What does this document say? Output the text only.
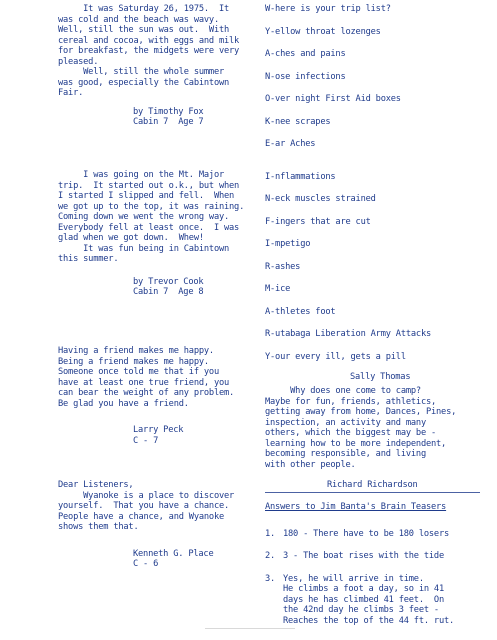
It was Saturday 26, 1975.  It
was cold and the beach was wavy.
Well, still the sun was out.  With
cereal and cocoa, with eggs and milk
for breakfast, the midgets were very
pleased.
Well, still the whole summer
was good, especially the Cabintown
Fair.
by Timothy Fox
Cabin 7  Age 7
I was going on the Mt. Major
trip.  It started out o.k., but when
I started I slipped and fell.  When
we got up to the top, it was raining.
Coming down we went the wrong way.
Everybody fell at least once.  I was
glad when we got down.  Whew!
It was fun being in Cabintown
this summer.
by Trevor Cook
Cabin 7  Age 8
Having a friend makes me happy.
Being a friend makes me happy.
Someone once told me that if you
have at least one true friend, you
can bear the weight of any problem.
Be glad you have a friend.
Larry Peck
C - 7
Dear Listeners,
Wyanoke is a place to discover
yourself.  That you have a chance.
People have a chance, and Wyanoke
shows them that.
Kenneth G. Place
C - 6
W-here is your trip list?
Y-ellow throat lozenges
A-ches and pains
N-ose infections
O-ver night First Aid boxes
K-nee scrapes
E-ar Aches
I-nflammations
N-eck muscles strained
F-ingers that are cut
I-mpetigo
R-ashes
M-ice
A-thletes foot
R-utabaga Liberation Army Attacks
Y-our every ill, gets a pill
Sally Thomas
Why does one come to camp?
Maybe for fun, friends, athletics,
getting away from home, Dances, Pines,
inspection, an activity and many
others, which the biggest may be -
learning how to be more independent,
becoming responsible, and living
with other people.
Richard Richardson
Answers to Jim Banta's Brain Teasers
1. 180 - There have to be 180 losers
2. 3 - The boat rises with the tide
3. Yes, he will arrive in time.
He climbs a foot a day, so in 41
days he has climbed 41 feet.  On
the 42nd day he climbs 3 feet -
Reaches the top of the 44 ft. rut.
